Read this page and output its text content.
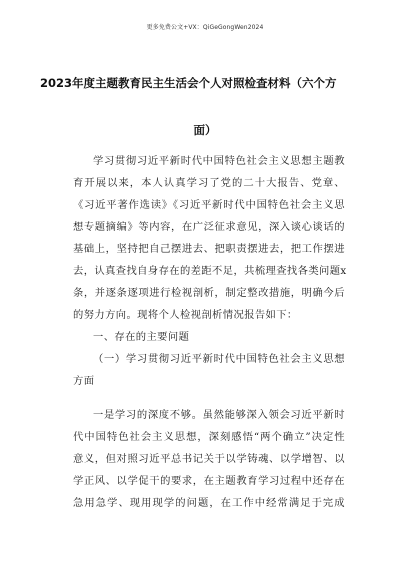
更多免费公文+VX：QiGeGongWen2024
2023年度主题教育民主生活会个人对照检查材料（六个方
面）
学习贯彻习近平新时代中国特色社会主义思想主题教
育开展以来，本人认真学习了党的二十大报告、党章、
《习近平著作选读》《习近平新时代中国特色社会主义思
想专题摘编》等内容，在广泛征求意见，深入谈心谈话的
基础上，坚持把自己摆进去、把职责摆进去，把工作摆进
去，认真查找自身存在的差距不足，共梳理查找各类问题x
条，并逐条逐项进行检视剖析，制定整改措施，明确今后
的努力方向。现将个人检视剖析情况报告如下：
一、存在的主要问题
（一）学习贯彻习近平新时代中国特色社会主义思想
方面
一是学习的深度不够。虽然能够深入领会习近平新时
代中国特色社会主义思想，深刻感悟“两个确立”决定性
意义，但对照习近平总书记关于以学铸魂、以学增智、以
学正风、以学促干的要求，在主题教育学习过程中还存在
急用急学、现用现学的问题，在工作中经常满足于完成
